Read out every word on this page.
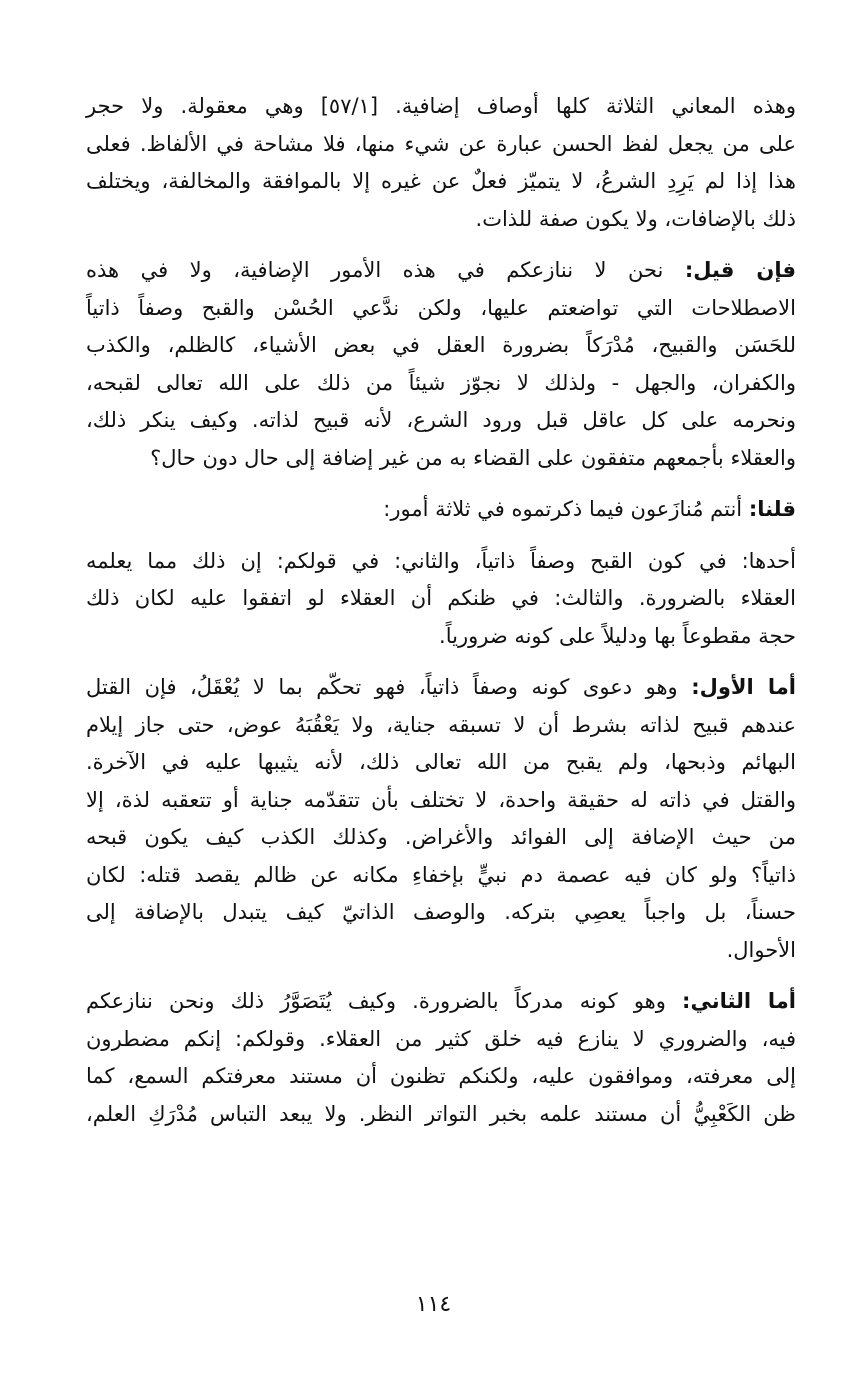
وهذه المعاني الثلاثة كلها أوصاف إضافية. [٥٧/١] وهي معقولة. ولا حجر
على من يجعل لفظ الحسن عبارة عن شيء منها، فلا مشاحة في الألفاظ. فعلى
هذا إذا لم يَرِدِ الشرعُ، لا يتميّز فعلٌ عن غيره إلا بالموافقة والمخالفة، ويختلف
ذلك بالإضافات، ولا يكون صفة للذات.

فإن قيل: نحن لا ننازعكم في هذه الأمور الإضافية، ولا في هذه
الاصطلاحات التي تواضعتم عليها، ولكن ندَّعي الحُسْن والقبح وصفاً ذاتياً
للحَسَن والقبيح، مُدْرَكاً بضرورة العقل في بعض الأشياء، كالظلم، والكذب
والكفران، والجهل - ولذلك لا نجوّز شيئاً من ذلك على الله تعالى لقبحه،
ونحرمه على كل عاقل قبل ورود الشرع، لأنه قبيح لذاته. وكيف ينكر ذلك،
والعقلاء بأجمعهم متفقون على القضاء به من غير إضافة إلى حال دون حال؟

قلنا: أنتم مُنازَعون فيما ذكرتموه في ثلاثة أمور:

أحدها: في كون القبح وصفاً ذاتياً، والثاني: في قولكم: إن ذلك مما يعلمه
العقلاء بالضرورة. والثالث: في ظنكم أن العقلاء لو اتفقوا عليه لكان ذلك
حجة مقطوعاً بها ودليلاً على كونه ضرورياً.

أما الأول: وهو دعوى كونه وصفاً ذاتياً، فهو تحكّم بما لا يُعْقَلُ، فإن القتل
عندهم قبيح لذاته بشرط أن لا تسبقه جناية، ولا يَعْقُبَهُ عوض، حتى جاز إيلام
البهائم وذبحها، ولم يقبح من الله تعالى ذلك، لأنه يثيبها عليه في الآخرة.
والقتل في ذاته له حقيقة واحدة، لا تختلف بأن تتقدّمه جناية أو تتعقبه لذة، إلا
من حيث الإضافة إلى الفوائد والأغراض. وكذلك الكذب كيف يكون قبحه
ذاتياً؟ ولو كان فيه عصمة دم نبيٍّ بإخفاءِ مكانه عن ظالم يقصد قتله: لكان
حسناً، بل واجباً يعصِي بتركه. والوصف الذاتيّ كيف يتبدل بالإضافة إلى
الأحوال.

أما الثاني: وهو كونه مدركاً بالضرورة. وكيف يُتَصَوَّرُ ذلك ونحن ننازعكم
فيه، والضروري لا ينازع فيه خلق كثير من العقلاء. وقولكم: إنكم مضطرون
إلى معرفته، وموافقون عليه، ولكنكم تظنون أن مستند معرفتكم السمع، كما
ظن الكَعْبِيُّ أن مستند علمه بخبر التواتر النظر. ولا يبعد التباس مُدْرَكِ العلم،

١١٤
